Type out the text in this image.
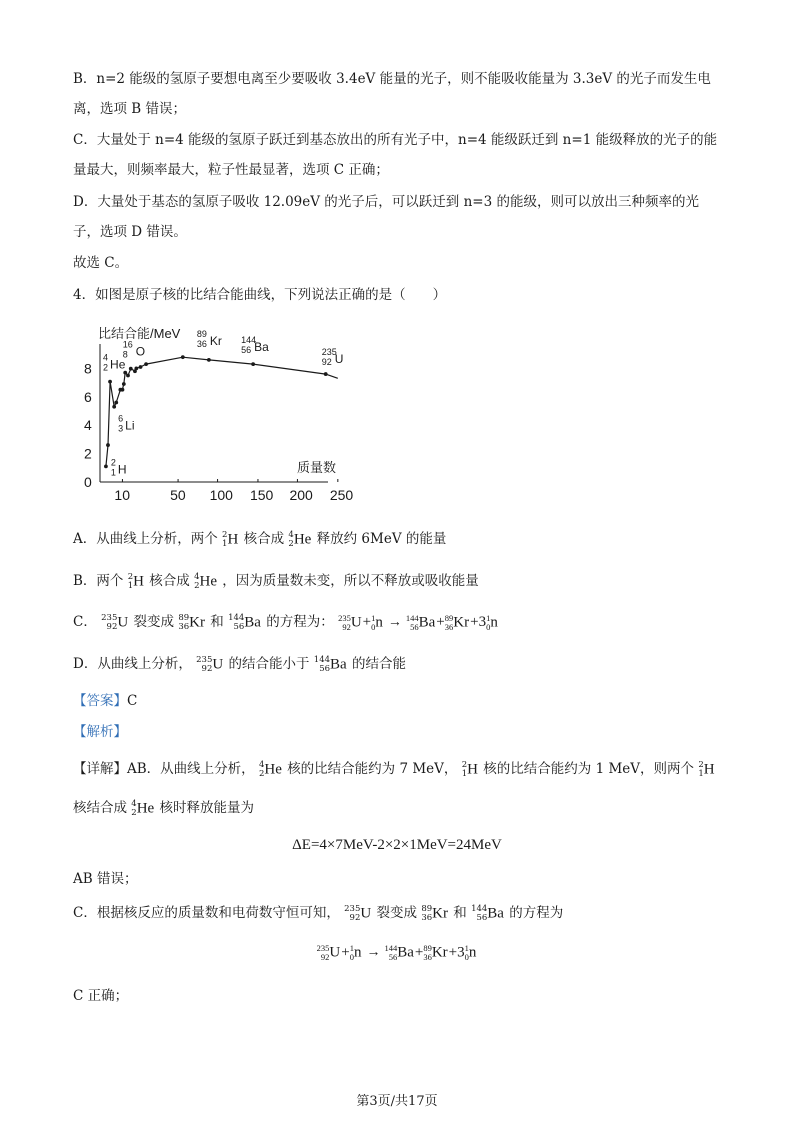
B．n=2 能级的氢原子要想电离至少要吸收 3.4eV 能量的光子，则不能吸收能量为 3.3eV 的光子而发生电
离，选项 B 错误；
C．大量处于 n=4 能级的氢原子跃迁到基态放出的所有光子中，n=4 能级跃迁到 n=1 能级释放的光子的能
量最大，则频率最大，粒子性最显著，选项 C 正确；
D．大量处于基态的氢原子吸收 12.09eV 的光子后，可以跃迁到 n=3 的能级，则可以放出三种频率的光
子，选项 D 错误。
故选 C。
4．如图是原子核的比结合能曲线，下列说法正确的是（　　）
比结合能/MeV
质量数
0
2
4
6
8
10	50 100 150 200 250
2
1 H
4
2 He
6
3 Li
16
8 O
89
36 Kr 144
56 Ba	235
92 U
A．从曲线上分析，两个 2
1 H 核合成 4
2 He 释放约 6MeV 的能量
B．两个 2
1 H 核合成 4
2 He ，因为质量数未变，所以不释放或吸收能量
C． 235
92 U 裂变成 89
36 Kr 和 144
56 Ba 的方程为： 235
92 U+ 1
0 n → 144
56 Ba+ 89
36 Kr+3 1
0 n
D．从曲线上分析， 235
92 U 的结合能小于 144
56 Ba 的结合能
【答案】C
【解析】
【详解】AB．从曲线上分析， 4
2 He 核的比结合能约为 7 MeV， 2
1 H 核的比结合能约为 1 MeV，则两个 2
1 H
核结合成 4
2 He 核时释放能量为
ΔE=4×7MeV-2×2×1MeV=24MeV
AB 错误；
C．根据核反应的质量数和电荷数守恒可知， 235
92 U 裂变成 89
36 Kr 和 144
56 Ba 的方程为
235
92 U+ 1
0 n → 144
56 Ba+ 89
36 Kr+3 1
0 n
C 正确；
第3页/共17页
